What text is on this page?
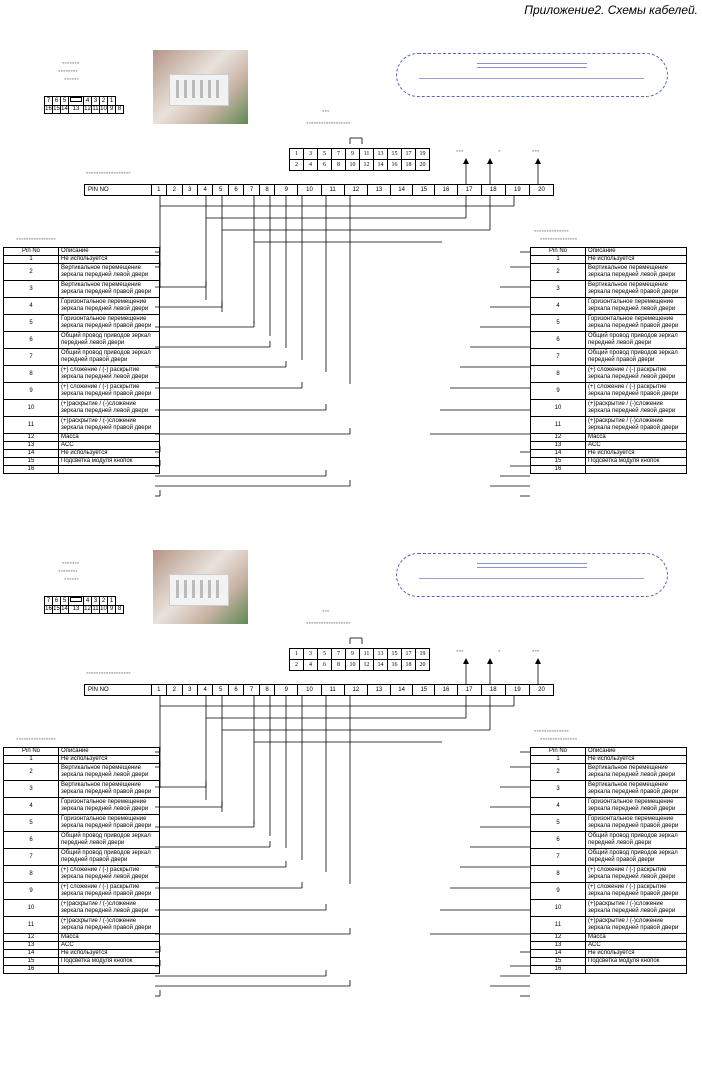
Приложение2. Схемы кабелей.
▪▪▪▪▪▪▪
▪▪▪▪▪▪▪▪
▪▪▪▪▪▪
7	6	5		4	3	2	1	
16	15	14	13	12	11	10	9	8	▪▪▪
▪▪▪▪▪▪▪▪▪▪▪▪▪▪▪▪▪▪
1	3	5	7	9	11	13	15	17	19
2	4	6	8	10	12	14	16	18	20
▪▪▪▪▪▪▪▪▪▪▪▪▪▪▪▪▪▪
▪▪▪	▪	▪▪▪
PIN NO	1	2	3	4	5	6	7	8	9	10	11	12	13	14	15	16	17	18	19	20
▪▪▪▪▪▪▪▪▪▪▪▪▪▪▪▪
▪▪▪▪▪▪▪▪▪▪▪▪▪▪
▪▪▪▪▪▪▪▪▪▪▪▪▪▪▪
Pin No	Описание
1	Не используется
2	Вертикальное перемещение зеркала передней левой двери
3	Вертикальное перемещение зеркала передней правой двери
4	Горизонтальное перемещение зеркала передней левой двери
5	Горизонтальное перемещение зеркала передней правой двери
6	Общий провод приводов зеркал передней левой двери
7	Общий провод приводов зеркал передней правой двери
8	(+) сложение / (-) раскрытие зеркала передней левой двери
9	(+) сложение / (-) раскрытие зеркала передней правой двери
10	(+)раскрытие / (-)сложение зеркала передней левой двери
11	(+)раскрытие / (-)сложение зеркала передней правой двери
12	Масса
13	ACC
14	Не используется
15	Подсветка модуля кнопок
16	
Pin No	Описание
1	Не используется
2	Вертикальное перемещение зеркала передней левой двери
3	Вертикальное перемещение зеркала передней правой двери
4	Горизонтальное перемещение зеркала передней левой двери
5	Горизонтальное перемещение зеркала передней правой двери
6	Общий провод приводов зеркал передней левой двери
7	Общий провод приводов зеркал передней правой двери
8	(+) сложение / (-) раскрытие зеркала передней левой двери
9	(+) сложение / (-) раскрытие зеркала передней правой двери
10	(+)раскрытие / (-)сложение зеркала передней левой двери
11	(+)раскрытие / (-)сложение зеркала передней правой двери
12	Масса
13	ACC
14	Не используется
15	Подсветка модуля кнопок
16	
▪▪▪▪▪▪▪
▪▪▪▪▪▪▪▪
▪▪▪▪▪▪
7	6	5		4	3	2	1	
16	15	14	13	12	11	10	9	8	▪▪▪
▪▪▪▪▪▪▪▪▪▪▪▪▪▪▪▪▪▪
1	3	5	7	9	11	13	15	17	19
2	4	6	8	10	12	14	16	18	20
▪▪▪▪▪▪▪▪▪▪▪▪▪▪▪▪▪▪
▪▪▪	▪	▪▪▪
PIN NO	1	2	3	4	5	6	7	8	9	10	11	12	13	14	15	16	17	18	19	20
▪▪▪▪▪▪▪▪▪▪▪▪▪▪▪▪
▪▪▪▪▪▪▪▪▪▪▪▪▪▪
▪▪▪▪▪▪▪▪▪▪▪▪▪▪▪
Pin No	Описание
1	Не используется
2	Вертикальное перемещение зеркала передней левой двери
3	Вертикальное перемещение зеркала передней правой двери
4	Горизонтальное перемещение зеркала передней левой двери
5	Горизонтальное перемещение зеркала передней правой двери
6	Общий провод приводов зеркал передней левой двери
7	Общий провод приводов зеркал передней правой двери
8	(+) сложение / (-) раскрытие зеркала передней левой двери
9	(+) сложение / (-) раскрытие зеркала передней правой двери
10	(+)раскрытие / (-)сложение зеркала передней левой двери
11	(+)раскрытие / (-)сложение зеркала передней правой двери
12	Масса
13	ACC
14	Не используется
15	Подсветка модуля кнопок
16	
Pin No	Описание
1	Не используется
2	Вертикальное перемещение зеркала передней левой двери
3	Вертикальное перемещение зеркала передней правой двери
4	Горизонтальное перемещение зеркала передней левой двери
5	Горизонтальное перемещение зеркала передней правой двери
6	Общий провод приводов зеркал передней левой двери
7	Общий провод приводов зеркал передней правой двери
8	(+) сложение / (-) раскрытие зеркала передней левой двери
9	(+) сложение / (-) раскрытие зеркала передней правой двери
10	(+)раскрытие / (-)сложение зеркала передней левой двери
11	(+)раскрытие / (-)сложение зеркала передней правой двери
12	Масса
13	ACC
14	Не используется
15	Подсветка модуля кнопок
16	
